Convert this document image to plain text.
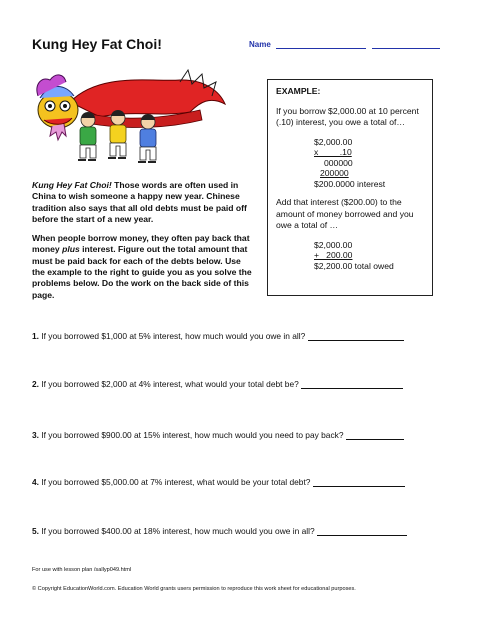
Kung Hey Fat Choi!	Name

Kung Hey Fat Choi! Those words are often used in China to wish someone a happy new year. Chinese tradition also says that all old debts must be paid off before the start of a new year.

When people borrow money, they often pay back that money plus interest. Figure out the total amount that must be paid back for each of the debts below. Use the example to the right to guide you as you solve the problems below. Do the work on the back side of this page.

EXAMPLE:

If you borrow $2,000.00 at 10 percent (.10) interest, you owe a total of…

$2,000.00
x         .10
000000
200000
$200.0000 interest

Add that interest ($200.00) to the amount of money borrowed and you owe a total of …

$2,000.00
+   200.00
$2,200.00 total owed
1. If you borrowed $1,000 at 5% interest, how much would you owe in all?
2. If you borrowed $2,000 at 4% interest, what would your total debt be?
3. If you borrowed $900.00 at 15% interest, how much would you need to pay back?
4. If you borrowed $5,000.00 at 7% interest, what would be your total debt?
5. If you borrowed $400.00 at 18% interest, how much would you owe in all?
For use with lesson plan /sallyp049.html
© Copyright EducationWorld.com. Education World grants users permission to reproduce this work sheet for educational purposes.
